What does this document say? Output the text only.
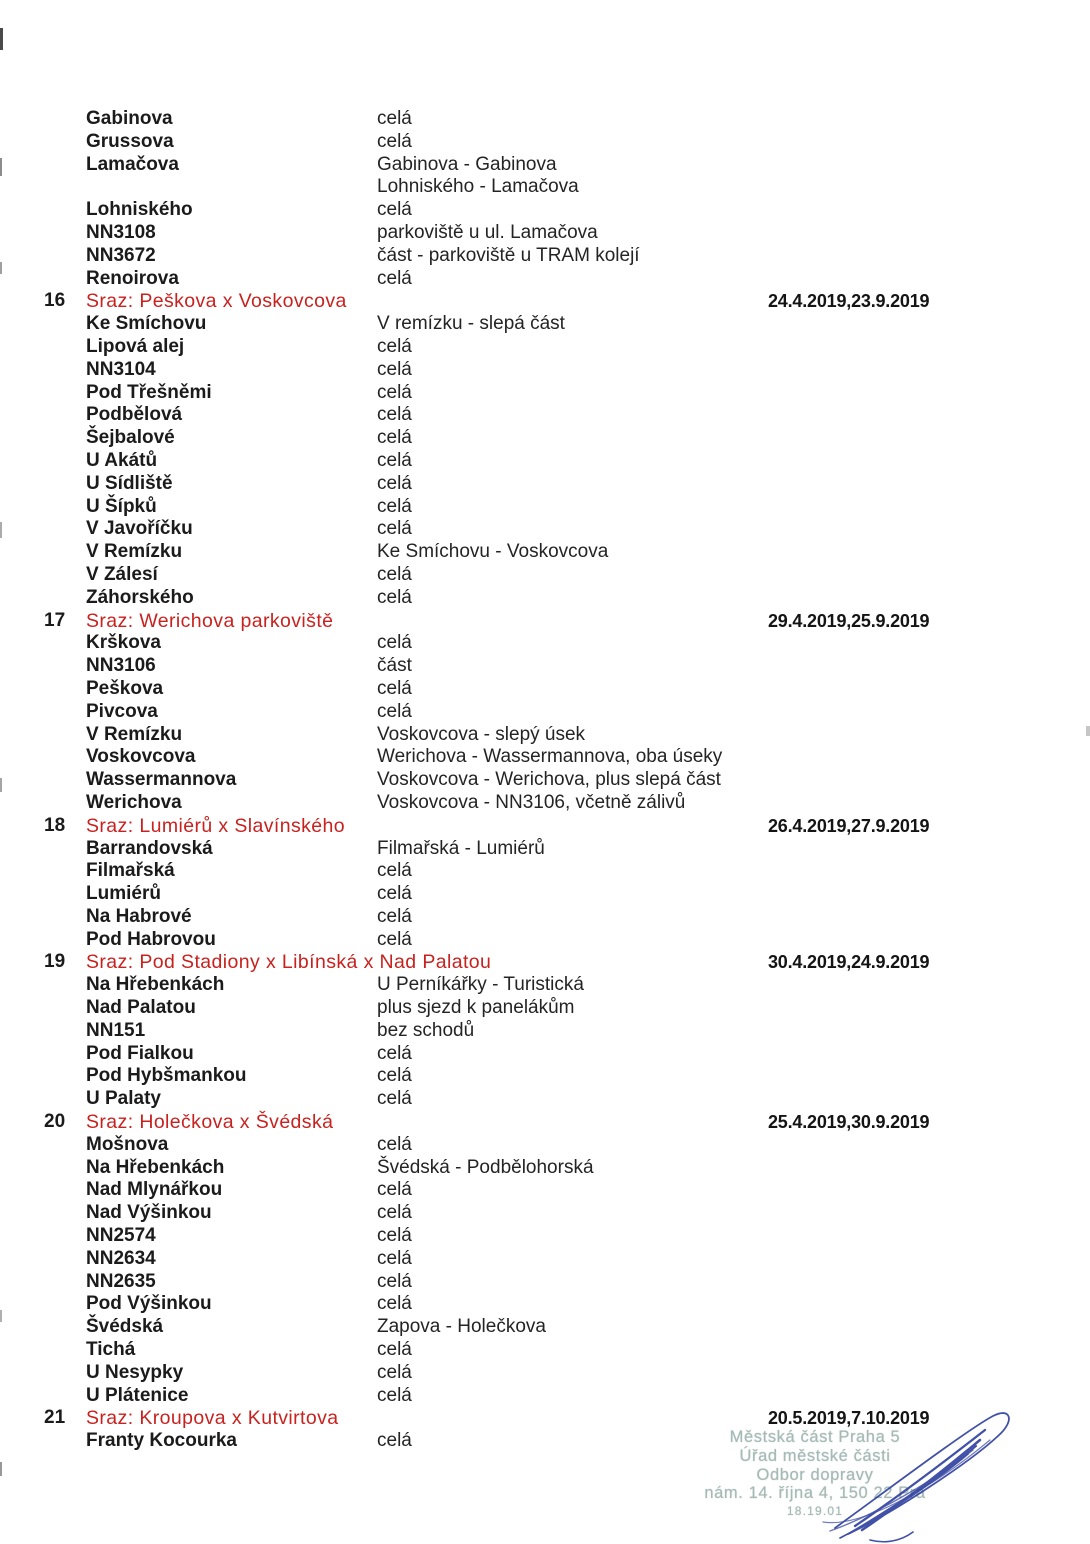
Gabinova	celá
Grussova	celá
Lamačova	Gabinova - Gabinova
Lohniského - Lamačova
Lohniského	celá
NN3108	parkoviště u ul. Lamačova
NN3672	část - parkoviště u TRAM kolejí
Renoirova	celá
16 Sraz: Peškova x Voskovcova	24.4.2019,23.9.2019
Ke Smíchovu	V remízku - slepá část
Lipová alej	celá
NN3104	celá
Pod Třešněmi	celá
Podbělová	celá
Šejbalové	celá
U Akátů	celá
U Sídliště	celá
U Šípků	celá
V Javoříčku	celá
V Remízku	Ke Smíchovu - Voskovcova
V Zálesí	celá
Záhorského	celá
17 Sraz: Werichova parkoviště	29.4.2019,25.9.2019
Krškova	celá
NN3106	část
Peškova	celá
Pivcova	celá
V Remízku	Voskovcova - slepý úsek
Voskovcova	Werichova - Wassermannova, oba úseky
Wassermannova	Voskovcova - Werichova, plus slepá část
Werichova	Voskovcova - NN3106, včetně zálivů
18 Sraz: Lumiérů x Slavínského	26.4.2019,27.9.2019
Barrandovská	Filmařská - Lumiérů
Filmařská	celá
Lumiérů	celá
Na Habrové	celá
Pod Habrovou	celá
19 Sraz: Pod Stadiony x Libínská x Nad Palatou	30.4.2019,24.9.2019
Na Hřebenkách	U Perníkářky - Turistická
Nad Palatou	plus sjezd k panelákům
NN151	bez schodů
Pod Fialkou	celá
Pod Hybšmankou	celá
U Palaty	celá
20 Sraz: Holečkova x Švédská	25.4.2019,30.9.2019
Mošnova	celá
Na Hřebenkách	Švédská - Podbělohorská
Nad Mlynářkou	celá
Nad Výšinkou	celá
NN2574	celá
NN2634	celá
NN2635	celá
Pod Výšinkou	celá
Švédská	Zapova - Holečkova
Tichá	celá
U Nesypky	celá
U Plátenice	celá
21 Sraz: Kroupova x Kutvirtova	20.5.2019,7.10.2019
Franty Kocourka	celá	Městská část Praha 5
Úřad městské části
Odbor dopravy
nám. 14. října 4, 150 22 Pra
18.19.01
